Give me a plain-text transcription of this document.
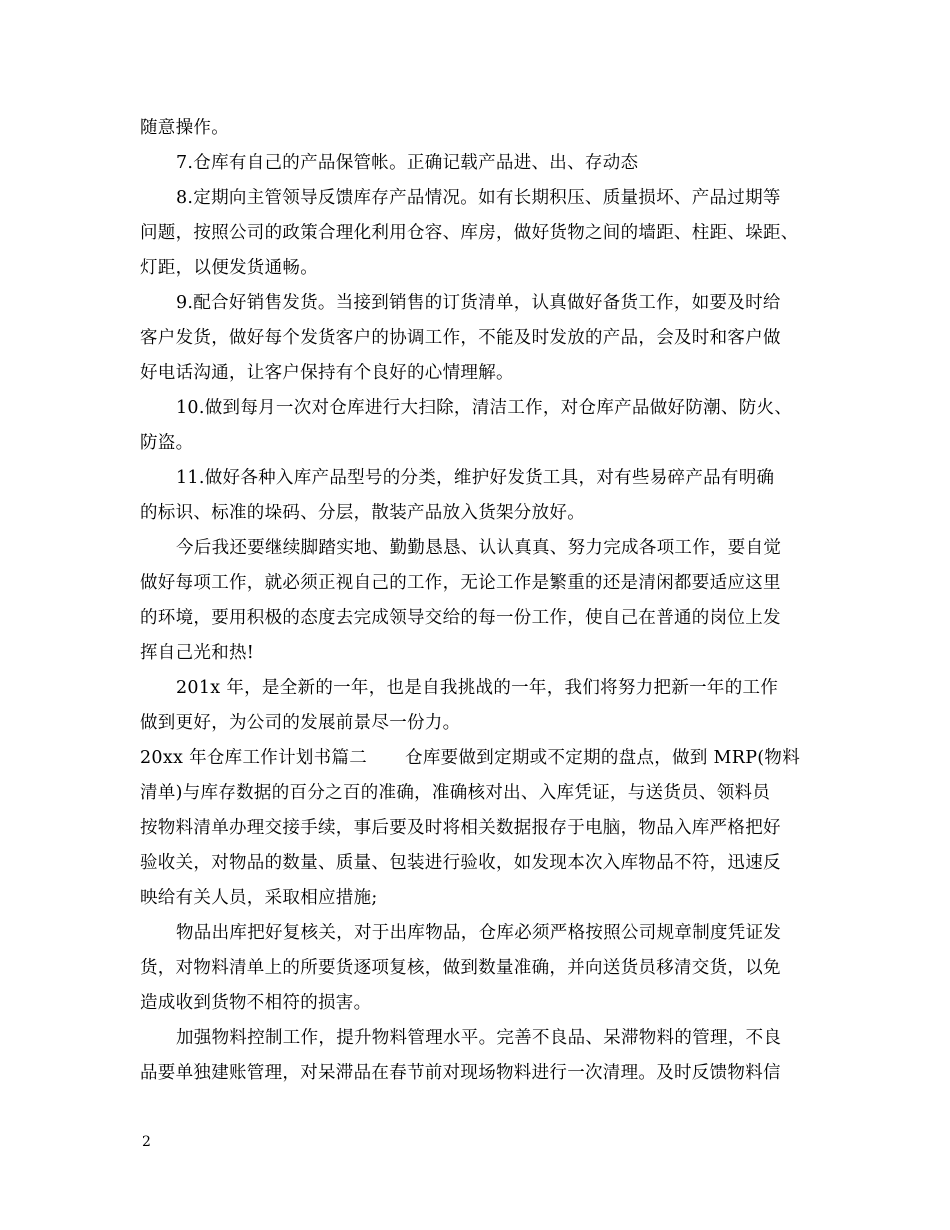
随意操作。
7.仓库有自己的产品保管帐。正确记载产品进、出、存动态
8.定期向主管领导反馈库存产品情况。如有长期积压、质量损坏、产品过期等
问题，按照公司的政策合理化利用仓容、库房，做好货物之间的墙距、柱距、垛距、
灯距，以便发货通畅。
9.配合好销售发货。当接到销售的订货清单，认真做好备货工作，如要及时给
客户发货，做好每个发货客户的协调工作，不能及时发放的产品，会及时和客户做
好电话沟通，让客户保持有个良好的心情理解。
10.做到每月一次对仓库进行大扫除，清洁工作，对仓库产品做好防潮、防火、
防盗。
11.做好各种入库产品型号的分类，维护好发货工具，对有些易碎产品有明确
的标识、标准的垛码、分层，散装产品放入货架分放好。
今后我还要继续脚踏实地、勤勤恳恳、认认真真、努力完成各项工作，要自觉
做好每项工作，就必须正视自己的工作，无论工作是繁重的还是清闲都要适应这里
的环境，要用积极的态度去完成领导交给的每一份工作，使自己在普通的岗位上发
挥自己光和热!
201x 年，是全新的一年，也是自我挑战的一年，我们将努力把新一年的工作
做到更好，为公司的发展前景尽一份力。
20xx 年仓库工作计划书篇二 仓库要做到定期或不定期的盘点，做到 MRP(物料
清单)与库存数据的百分之百的准确，准确核对出、入库凭证，与送货员、领料员
按物料清单办理交接手续，事后要及时将相关数据报存于电脑，物品入库严格把好
验收关，对物品的数量、质量、包装进行验收，如发现本次入库物品不符，迅速反
映给有关人员，采取相应措施;
物品出库把好复核关，对于出库物品，仓库必须严格按照公司规章制度凭证发
货，对物料清单上的所要货逐项复核，做到数量准确，并向送货员移清交货，以免
造成收到货物不相符的损害。
加强物料控制工作，提升物料管理水平。完善不良品、呆滞物料的管理，不良
品要单独建账管理，对呆滞品在春节前对现场物料进行一次清理。及时反馈物料信
2
